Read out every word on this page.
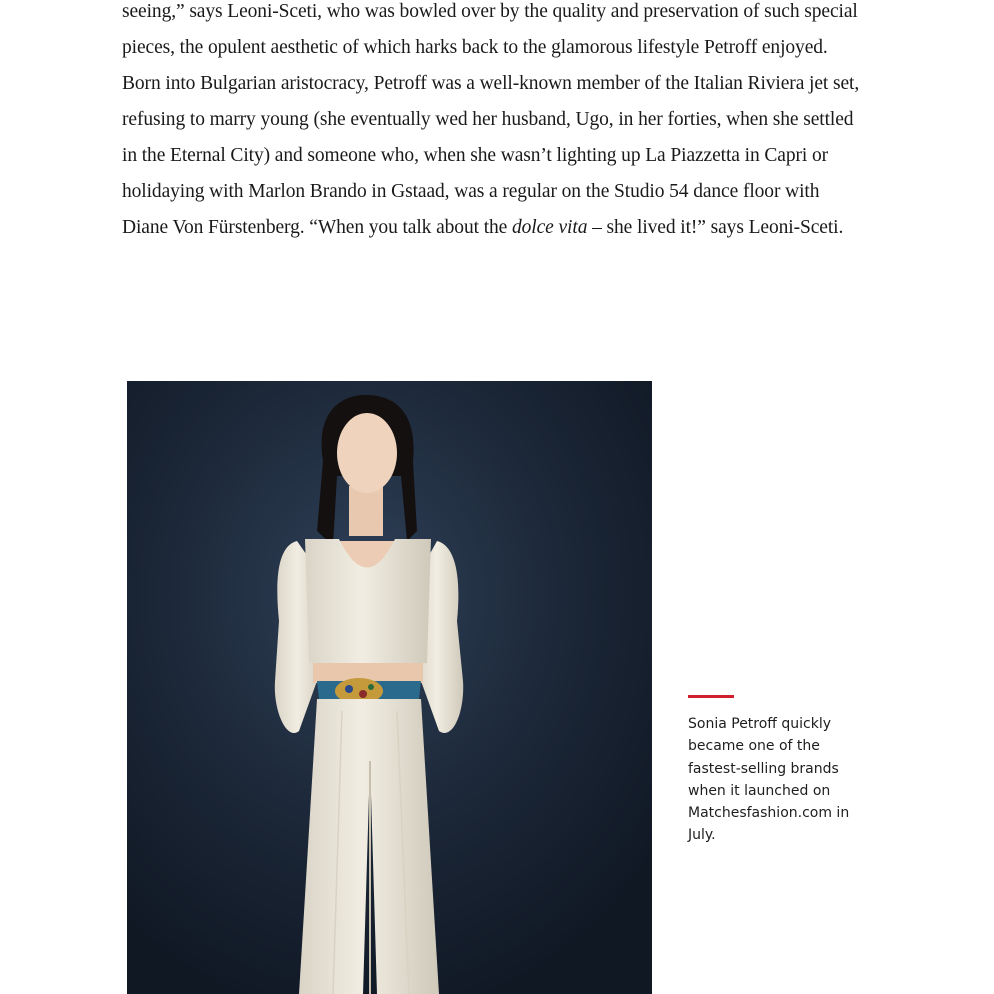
seeing,” says Leoni-Sceti, who was bowled over by the quality and preservation of such special pieces, the opulent aesthetic of which harks back to the glamorous lifestyle Petroff enjoyed. Born into Bulgarian aristocracy, Petroff was a well-known member of the Italian Riviera jet set, refusing to marry young (she eventually wed her husband, Ugo, in her forties, when she settled in the Eternal City) and someone who, when she wasn’t lighting up La Piazzetta in Capri or holidaying with Marlon Brando in Gstaad, was a regular on the Studio 54 dance floor with Diane Von Fürstenberg. “When you talk about the dolce vita – she lived it!” says Leoni-Sceti.

Sonia Petroff quickly became one of the fastest-selling brands when it launched on Matchesfashion.com in July.
